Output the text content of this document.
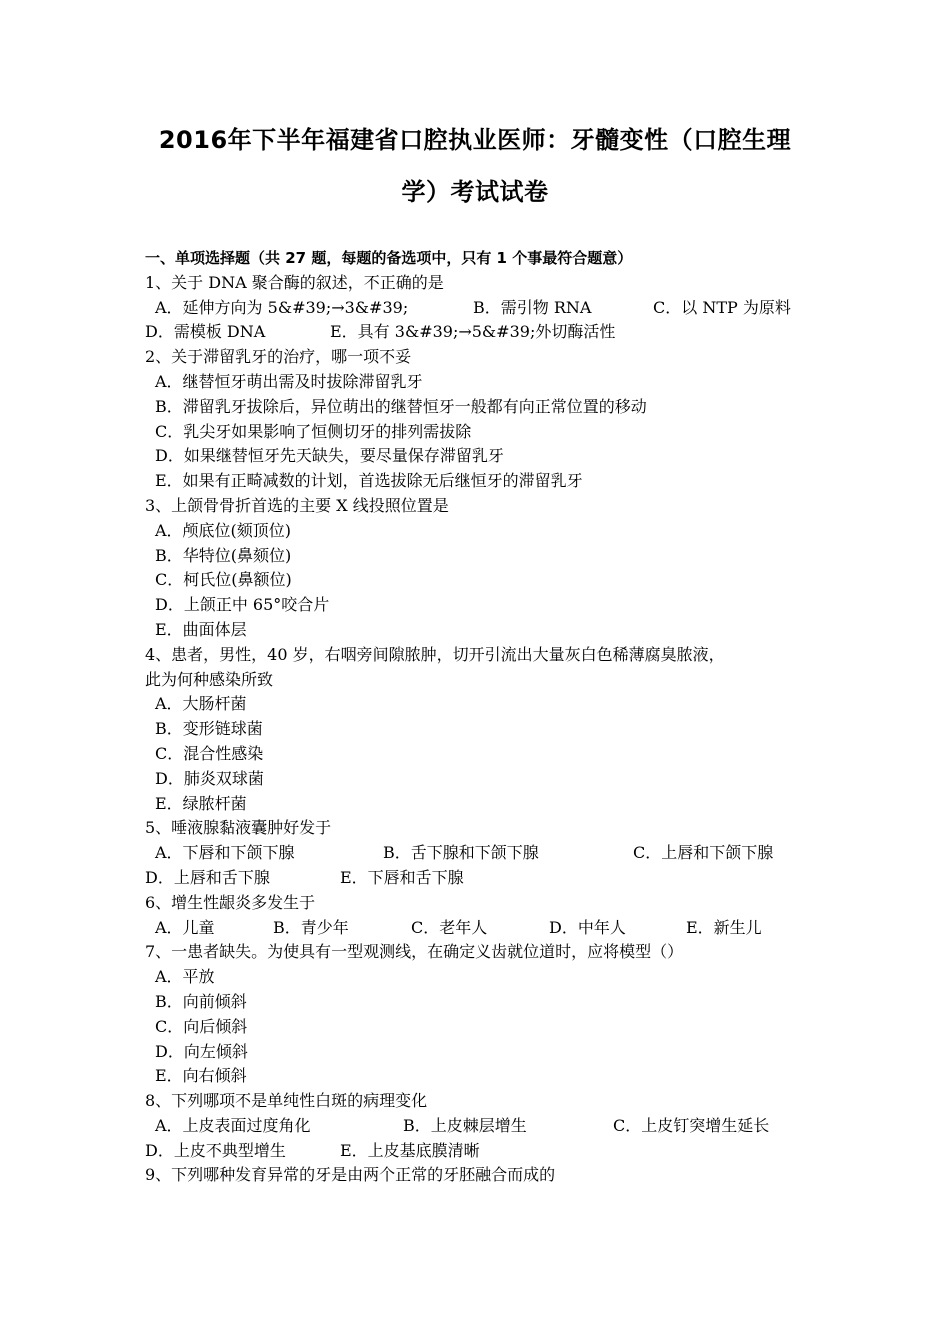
2016年下半年福建省口腔执业医师：牙髓变性（口腔生理
学）考试试卷
一、单项选择题（共 27 题，每题的备选项中，只有 1 个事最符合题意）
1、关于 DNA 聚合酶的叙述，不正确的是
A．延伸方向为 5&#39;→3&#39;	B．需引物 RNA	C．以 NTP 为原料
D．需模板 DNA	E．具有 3&#39;→5&#39;外切酶活性
2、关于滞留乳牙的治疗，哪一项不妥
A．继替恒牙萌出需及时拔除滞留乳牙
B．滞留乳牙拔除后，异位萌出的继替恒牙一般都有向正常位置的移动
C．乳尖牙如果影响了恒侧切牙的排列需拔除
D．如果继替恒牙先天缺失，要尽量保存滞留乳牙
E．如果有正畸减数的计划，首选拔除无后继恒牙的滞留乳牙
3、上颌骨骨折首选的主要 X 线投照位置是
A．颅底位(颏顶位)
B．华特位(鼻颏位)
C．柯氏位(鼻额位)
D．上颌正中 65°咬合片
E．曲面体层
4、患者，男性，40 岁，右咽旁间隙脓肿，切开引流出大量灰白色稀薄腐臭脓液，
此为何种感染所致
A．大肠杆菌
B．变形链球菌
C．混合性感染
D．肺炎双球菌
E．绿脓杆菌
5、唾液腺黏液囊肿好发于
A．下唇和下颌下腺	B．舌下腺和下颌下腺	C．上唇和下颌下腺
D．上唇和舌下腺	E．下唇和舌下腺
6、增生性龈炎多发生于
A．儿童	B．青少年	C．老年人	D．中年人	E．新生儿
7、一患者缺失。为使具有一型观测线，在确定义齿就位道时，应将模型（）
A．平放
B．向前倾斜
C．向后倾斜
D．向左倾斜
E．向右倾斜
8、下列哪项不是单纯性白斑的病理变化
A．上皮表面过度角化	B．上皮棘层增生	C．上皮钉突增生延长
D．上皮不典型增生	E．上皮基底膜清晰
9、下列哪种发育异常的牙是由两个正常的牙胚融合而成的
